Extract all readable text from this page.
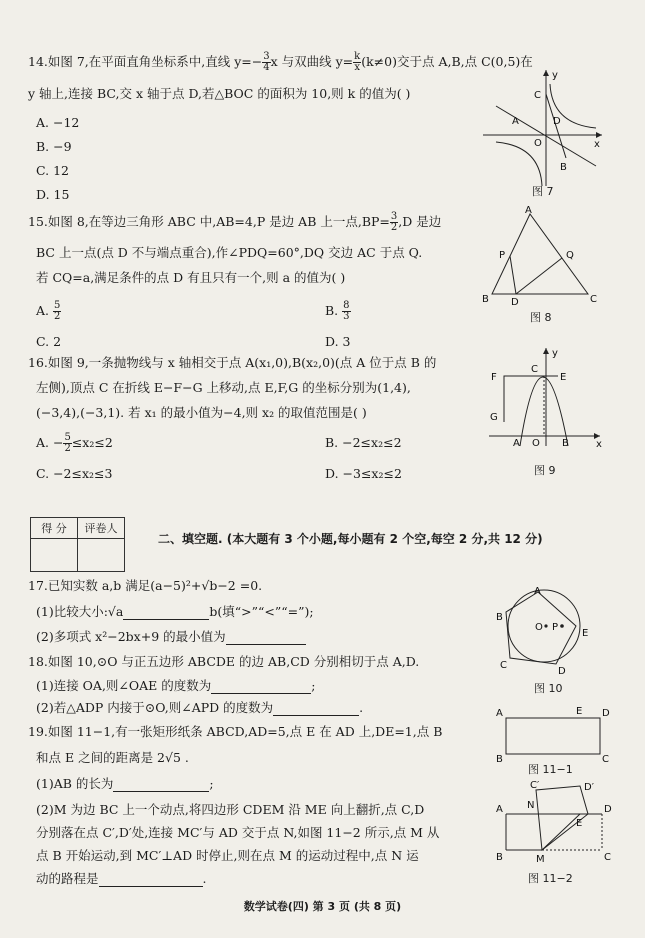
14.如图 7,在平面直角坐标系中,直线 $y=- \frac{3}{4}$ x 与双曲线 $y= \frac{k}{x} (k\ne 0)$交于点 A,B,点 C(0,5)在
y 轴上,连接 BC,交 x 轴于点 D,若△BOC 的面积为 10,则 k 的值为( )
A. −12
B. −9
C. 12
D. 15
y
C
A	D
O	x
B
图 7
15.如图 8,在等边三角形 ABC 中,AB=4,P 是边 AB 上一点$,BP= \frac{3}{2} ,D$ 是边
BC 上一点(点 D 不与端点重合),作∠PDQ=60°,DQ 交边 AC 于点 Q.
若 CQ=a,满足条件的点 D 有且只有一个,则 a 的值为( )
A. $\frac{5}{2}$	B. $\frac{8}{3}$
C. 2	D. 3
A
P	Q
B D	C
图 8
16.如图 9,一条抛物线与 x 轴相交于点 A(x₁,0),B(x₂,0)(点 A 位于点 B 的
左侧),顶点 C 在折线 E−F−G 上移动,点 E,F,G 的坐标分别为(1,4),
(−3,4),(−3,1). 若 x₁ 的最小值为−4,则 x₂ 的取值范围是( )
A. − $\frac{5}{2} \le x_2\le 2$	B. −2≤x₂≤2
C. −2≤x₂≤3	D. −3≤x₂≤2
y
F
C
E
G
A O B	x
图 9
得 分	评卷人

二、填空题. (本大题有 3 个小题,每小题有 2 个空,每空 2 分,共 12 分)
17.已知实数 a,b 满足(a−5)²+√b−2 =0.
(1)比较大小:√a	b(填“>”“<”“=”);
(2)多项式 x²−2bx+9 的最小值为
18.如图 10,⊙O 与正五边形 ABCDE 的边 AB,CD 分别相切于点 A,D.
(1)连接 OA,则∠OAE 的度数为	;
(2)若△ADP 内接于⊙O,则∠APD 的度数为	.
A
B
O P
E
C
D
图 10
19.如图 11−1,有一张矩形纸条 ABCD,AD=5,点 E 在 AD 上,DE=1,点 B
和点 E 之间的距离是 2√5 .
(1)AB 的长为	;
(2)M 为边 BC 上一个动点,将四边形 CDEM 沿 ME 向上翻折,点 C,D
分别落在点 C′,D′处,连接 MC′与 AD 交于点 N,如图 11−2 所示,点 M 从
点 B 开始运动,到 MC′⊥AD 时停止,则在点 M 的运动过程中,点 N 运
动的路程是	.
A	E D
B	C
图 11−1
C′	D′
N
A
E
D
B	M	C
图 11−2
数学试卷(四) 第 3 页 (共 8 页)
